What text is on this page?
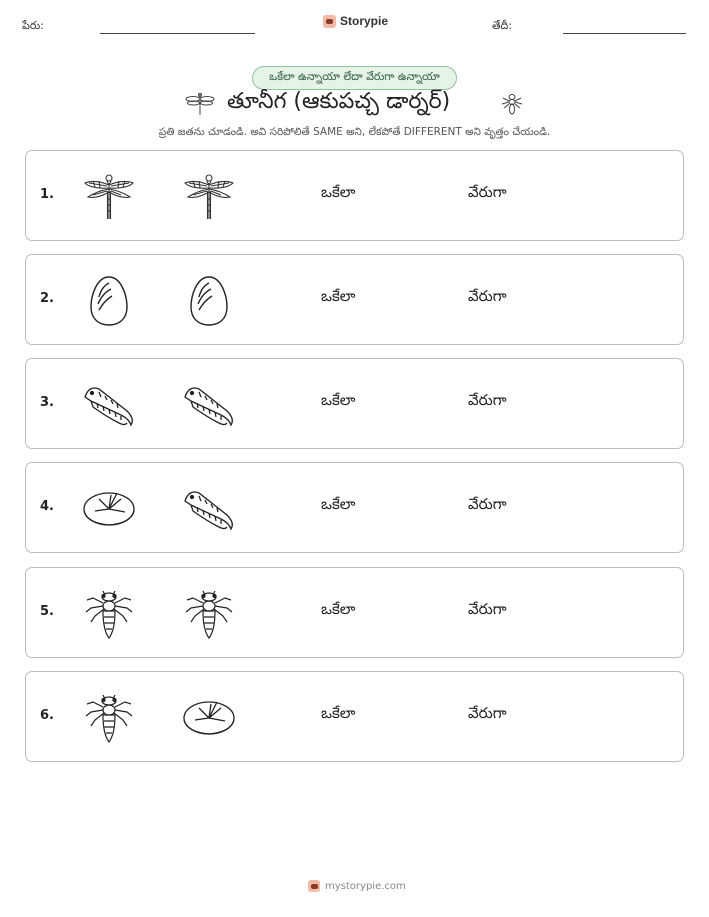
పేరు:	Storypie	తేదీ:
ఒకేలా ఉన్నాయా లేదా వేరుగా ఉన్నాయా
తూనీగ (ఆకుపచ్చ డార్నర్)
ప్రతి జతను చూడండి. అవి సరిపోలితే SAME అని, లేకపోతే DIFFERENT అని వృత్తం చేయండి.
1.	ఒకేలా	వేరుగా
2.	ఒకేలా	వేరుగా
3.	ఒకేలా	వేరుగా
4.	ఒకేలా	వేరుగా
5.	ఒకేలా	వేరుగా
6.	ఒకేలా	వేరుగా
mystorypie.com
